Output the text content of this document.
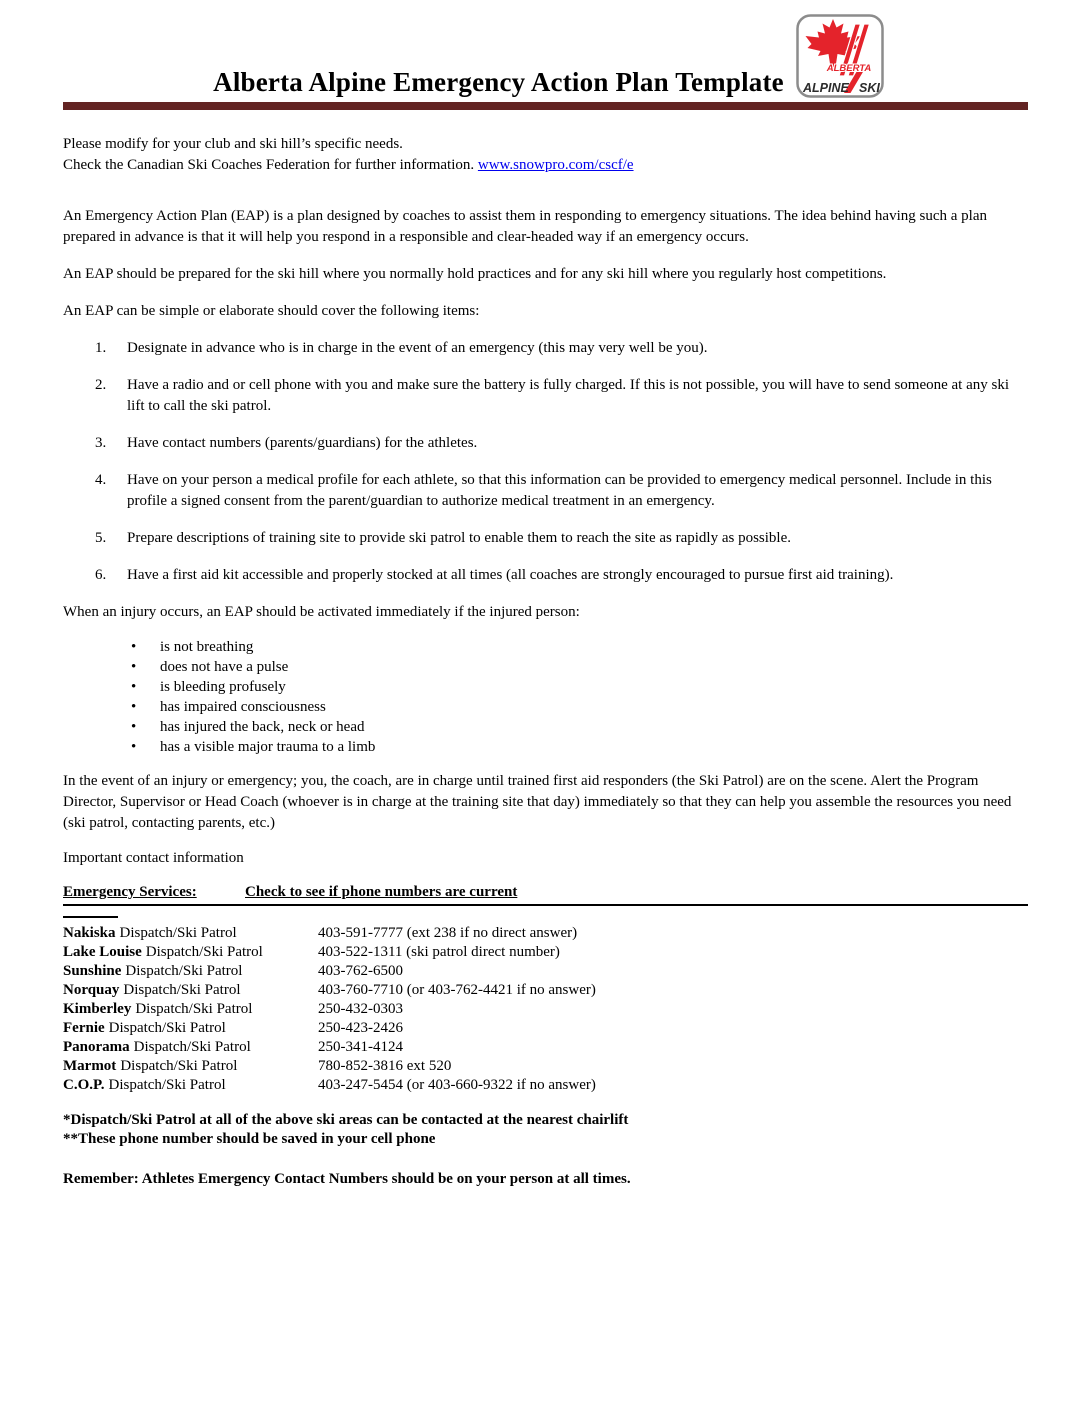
Alberta Alpine Emergency Action Plan Template	ALBERTA
ALPINE SKI

Please modify for your club and ski hill’s specific needs.
Check the Canadian Ski Coaches Federation for further information. www.snowpro.com/cscf/e

An Emergency Action Plan (EAP) is a plan designed by coaches to assist them in responding to emergency situations. The idea behind having such a plan prepared in advance is that it will help you respond in a responsible and clear-headed way if an emergency occurs.

An EAP should be prepared for the ski hill where you normally hold practices and for any ski hill where you regularly host competitions.

An EAP can be simple or elaborate should cover the following items:

1. Designate in advance who is in charge in the event of an emergency (this may very well be you).
2. Have a radio and or cell phone with you and make sure the battery is fully charged. If this is not possible, you will have to send someone at any ski lift to call the ski patrol.
3. Have contact numbers (parents/guardians) for the athletes.
4. Have on your person a medical profile for each athlete, so that this information can be provided to emergency medical personnel. Include in this profile a signed consent from the parent/guardian to authorize medical treatment in an emergency.
5. Prepare descriptions of training site to provide ski patrol to enable them to reach the site as rapidly as possible.
6. Have a first aid kit accessible and properly stocked at all times (all coaches are strongly encouraged to pursue first aid training).

When an injury occurs, an EAP should be activated immediately if the injured person:

• is not breathing
• does not have a pulse
• is bleeding profusely
• has impaired consciousness
• has injured the back, neck or head
• has a visible major trauma to a limb

In the event of an injury or emergency; you, the coach, are in charge until trained first aid responders (the Ski Patrol) are on the scene. Alert the Program Director, Supervisor or Head Coach (whoever is in charge at the training site that day) immediately so that they can help you assemble the resources you need (ski patrol, contacting parents, etc.)

Important contact information

Emergency Services:	Check to see if phone numbers are current
Nakiska Dispatch/Ski Patrol	403-591-7777 (ext 238 if no direct answer)
Lake Louise Dispatch/Ski Patrol	403-522-1311 (ski patrol direct number)
Sunshine Dispatch/Ski Patrol	403-762-6500
Norquay Dispatch/Ski Patrol	403-760-7710 (or 403-762-4421 if no answer)
Kimberley Dispatch/Ski Patrol	250-432-0303
Fernie Dispatch/Ski Patrol	250-423-2426
Panorama Dispatch/Ski Patrol	250-341-4124
Marmot Dispatch/Ski Patrol	780-852-3816 ext 520
C.O.P. Dispatch/Ski Patrol	403-247-5454 (or 403-660-9322 if no answer)
*Dispatch/Ski Patrol at all of the above ski areas can be contacted at the nearest chairlift
**These phone number should be saved in your cell phone

Remember: Athletes Emergency Contact Numbers should be on your person at all times.
